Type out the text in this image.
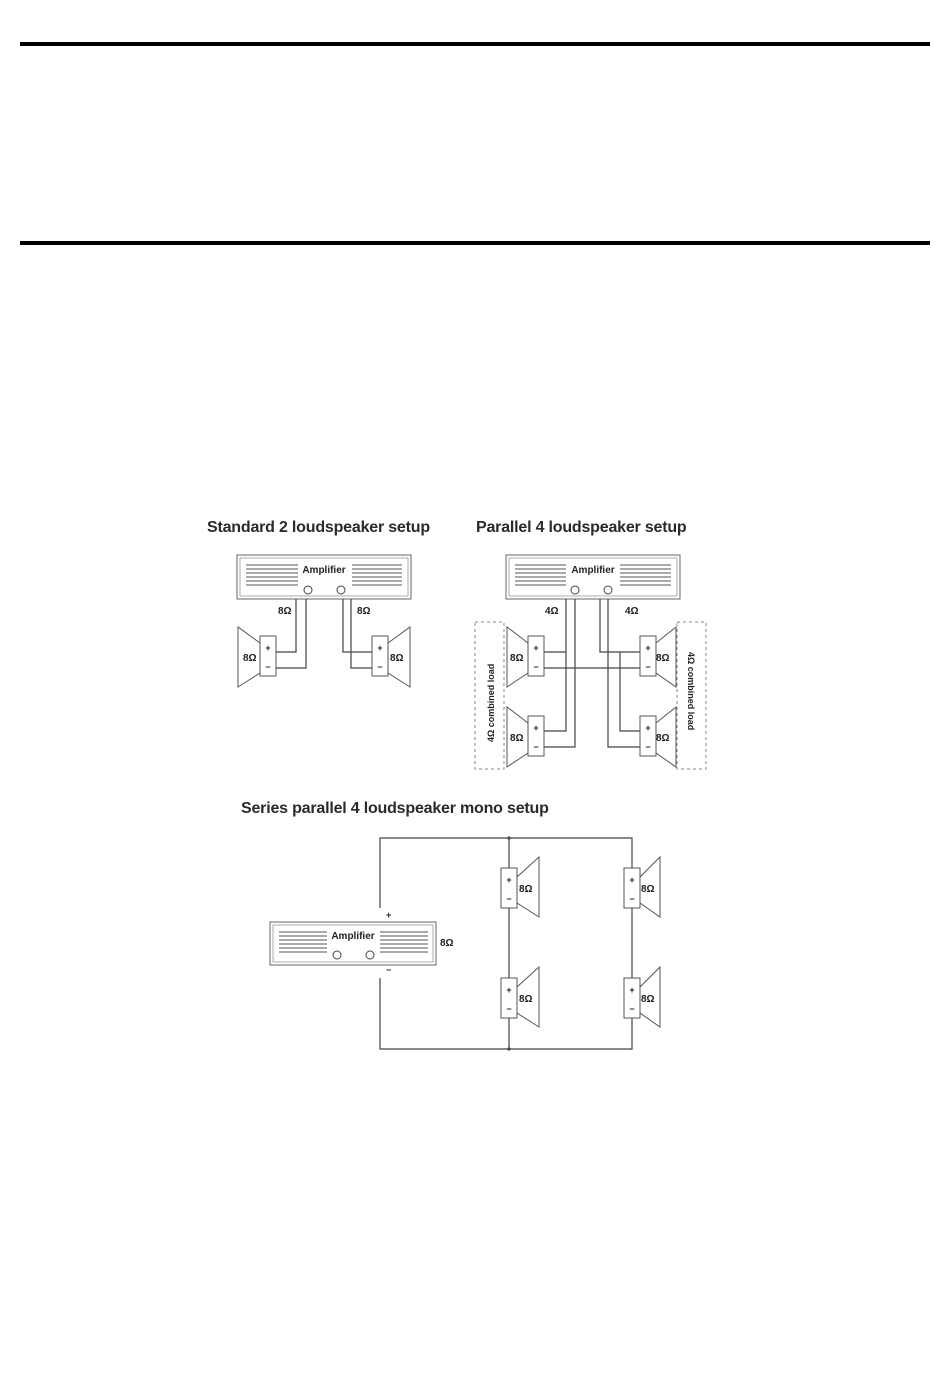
Standard 2 loudspeaker setup
Amplifier
8Ω	8Ω
+
−
8Ω
+
−
8Ω
Parallel 4 loudspeaker setup
Amplifier
4Ω	4Ω
4Ω combined load	4Ω combined load
+
−
8Ω
+
−
8Ω
+
−
8Ω
+
−
8Ω
Series parallel 4 loudspeaker mono setup
Amplifier
+
−
8Ω
+
−
8Ω
+
−
8Ω
+
−
8Ω
+
−
8Ω
